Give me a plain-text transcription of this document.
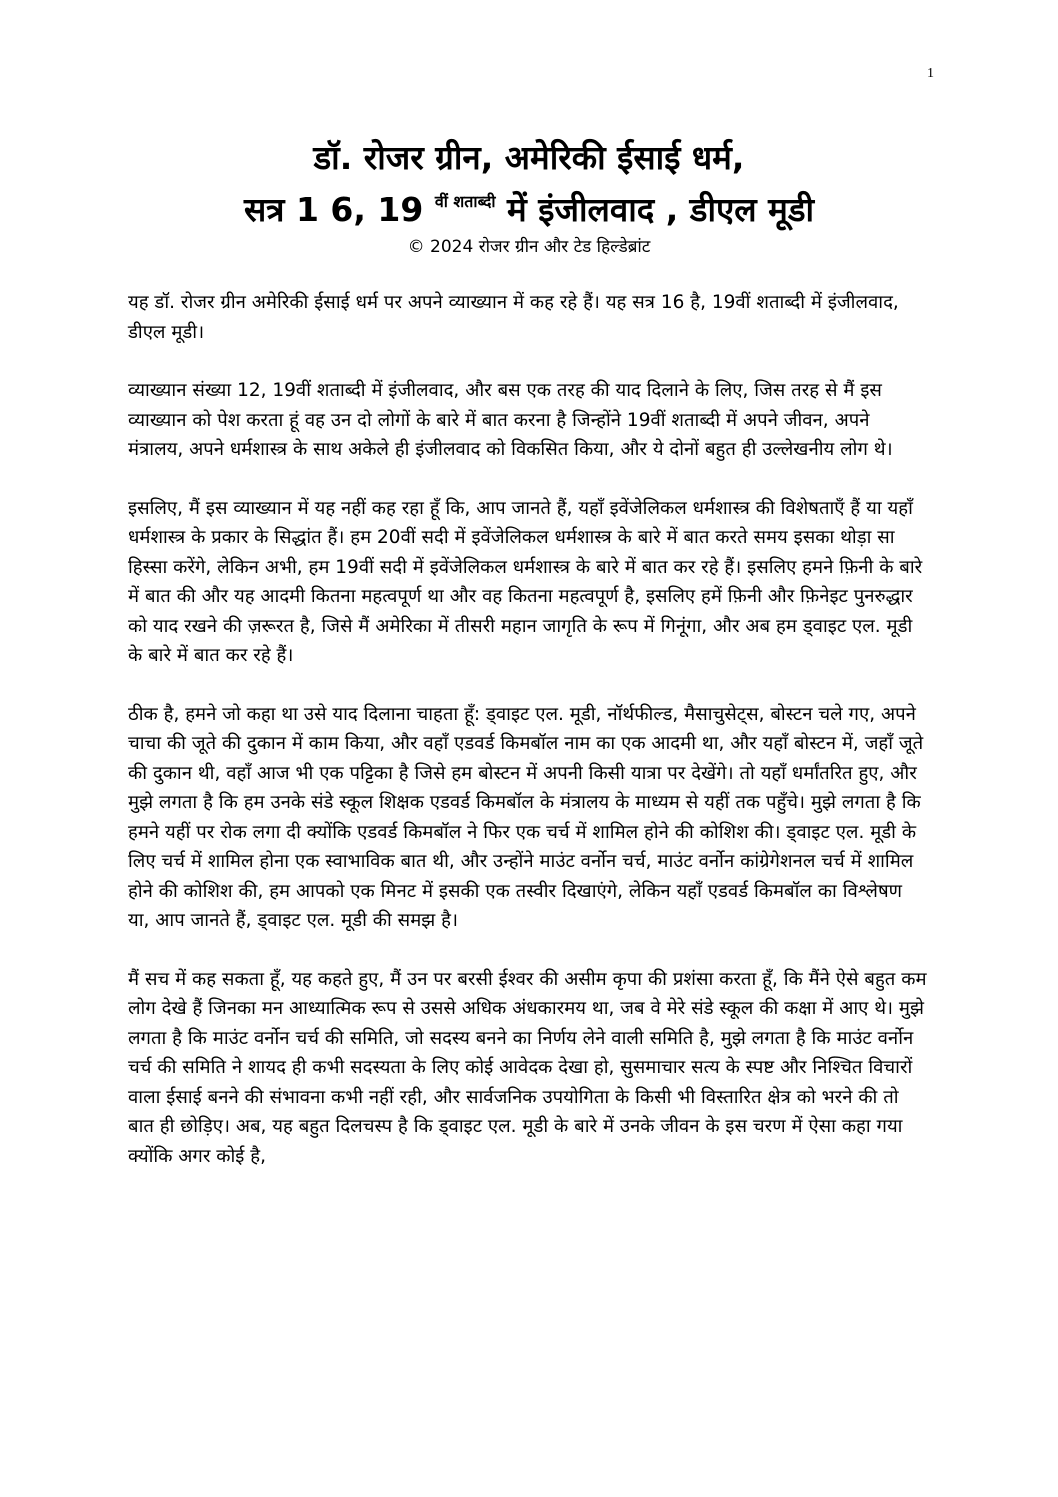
1
डॉ. रोजर ग्रीन, अमेरिकी ईसाई धर्म,
सत्र 1 6, 19 $^{वीं शताब्दी}$ में इंजीलवाद , डीएल मूडी
© 2024 रोजर ग्रीन और टेड हिल्डेब्रांट

यह डॉ. रोजर ग्रीन अमेरिकी ईसाई धर्म पर अपने व्याख्यान में कह रहे हैं। यह सत्र 16 है, 19वीं शताब्दी में इंजीलवाद, डीएल मूडी।

व्याख्यान संख्या 12, 19वीं शताब्दी में इंजीलवाद, और बस एक तरह की याद दिलाने के लिए, जिस तरह से मैं इस व्याख्यान को पेश करता हूं वह उन दो लोगों के बारे में बात करना है जिन्होंने 19वीं शताब्दी में अपने जीवन, अपने मंत्रालय, अपने धर्मशास्त्र के साथ अकेले ही इंजीलवाद को विकसित किया, और ये दोनों बहुत ही उल्लेखनीय लोग थे।

इसलिए, मैं इस व्याख्यान में यह नहीं कह रहा हूँ कि, आप जानते हैं, यहाँ इवेंजेलिकल धर्मशास्त्र की विशेषताएँ हैं या यहाँ धर्मशास्त्र के प्रकार के सिद्धांत हैं। हम 20वीं सदी में इवेंजेलिकल धर्मशास्त्र के बारे में बात करते समय इसका थोड़ा सा हिस्सा करेंगे, लेकिन अभी, हम 19वीं सदी में इवेंजेलिकल धर्मशास्त्र के बारे में बात कर रहे हैं। इसलिए हमने फ़िनी के बारे में बात की और यह आदमी कितना महत्वपूर्ण था और वह कितना महत्वपूर्ण है, इसलिए हमें फ़िनी और फ़िनेइट पुनरुद्धार को याद रखने की ज़रूरत है, जिसे मैं अमेरिका में तीसरी महान जागृति के रूप में गिनूंगा, और अब हम ड्वाइट एल. मूडी के बारे में बात कर रहे हैं।

ठीक है, हमने जो कहा था उसे याद दिलाना चाहता हूँ: ड्वाइट एल. मूडी, नॉर्थफील्ड, मैसाचुसेट्स, बोस्टन चले गए, अपने चाचा की जूते की दुकान में काम किया, और वहाँ एडवर्ड किमबॉल नाम का एक आदमी था, और यहाँ बोस्टन में, जहाँ जूते की दुकान थी, वहाँ आज भी एक पट्टिका है जिसे हम बोस्टन में अपनी किसी यात्रा पर देखेंगे। तो यहाँ धर्मांतरित हुए, और मुझे लगता है कि हम उनके संडे स्कूल शिक्षक एडवर्ड किमबॉल के मंत्रालय के माध्यम से यहीं तक पहुँचे। मुझे लगता है कि हमने यहीं पर रोक लगा दी क्योंकि एडवर्ड किमबॉल ने फिर एक चर्च में शामिल होने की कोशिश की। ड्वाइट एल. मूडी के लिए चर्च में शामिल होना एक स्वाभाविक बात थी, और उन्होंने माउंट वर्नोन चर्च, माउंट वर्नोन कांग्रेगेशनल चर्च में शामिल होने की कोशिश की, हम आपको एक मिनट में इसकी एक तस्वीर दिखाएंगे, लेकिन यहाँ एडवर्ड किमबॉल का विश्लेषण या, आप जानते हैं, ड्वाइट एल. मूडी की समझ है।

मैं सच में कह सकता हूँ, यह कहते हुए, मैं उन पर बरसी ईश्वर की असीम कृपा की प्रशंसा करता हूँ, कि मैंने ऐसे बहुत कम लोग देखे हैं जिनका मन आध्यात्मिक रूप से उससे अधिक अंधकारमय था, जब वे मेरे संडे स्कूल की कक्षा में आए थे। मुझे लगता है कि माउंट वर्नोन चर्च की समिति, जो सदस्य बनने का निर्णय लेने वाली समिति है, मुझे लगता है कि माउंट वर्नोन चर्च की समिति ने शायद ही कभी सदस्यता के लिए कोई आवेदक देखा हो, सुसमाचार सत्य के स्पष्ट और निश्चित विचारों वाला ईसाई बनने की संभावना कभी नहीं रही, और सार्वजनिक उपयोगिता के किसी भी विस्तारित क्षेत्र को भरने की तो बात ही छोड़िए। अब, यह बहुत दिलचस्प है कि ड्वाइट एल. मूडी के बारे में उनके जीवन के इस चरण में ऐसा कहा गया क्योंकि अगर कोई है,
